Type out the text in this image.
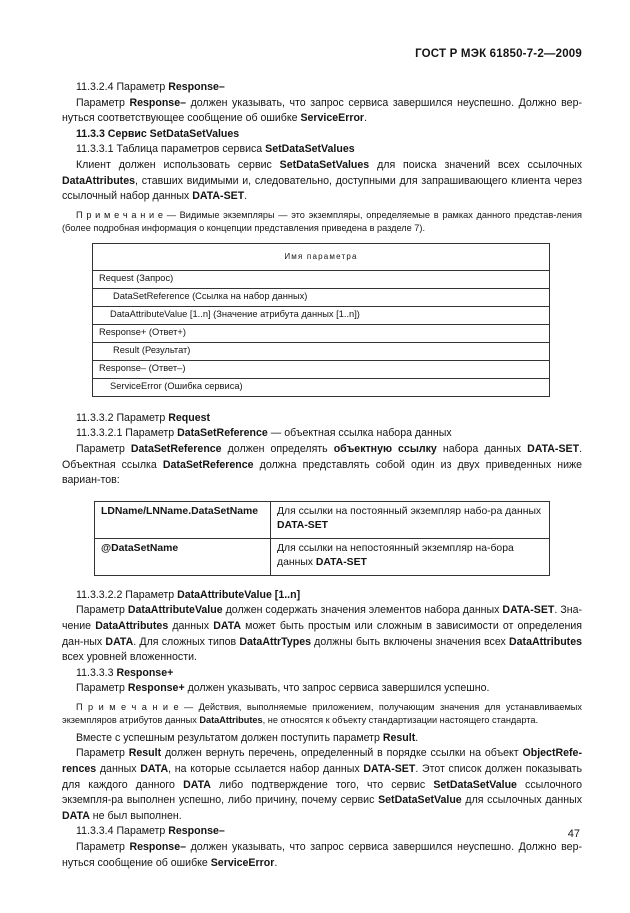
ГОСТ Р МЭК 61850-7-2—2009

11.3.2.4 Параметр Response–

Параметр Response– должен указывать, что запрос сервиса завершился неуспешно. Должно вер-нуться соответствующее сообщение об ошибке ServiceError.

11.3.3 Сервис SetDataSetValues

11.3.3.1 Таблица параметров сервиса SetDataSetValues

Клиент должен использовать сервис SetDataSetValues для поиска значений всех ссылочных DataAttributes, ставших видимыми и, следовательно, доступными для запрашивающего клиента через ссылочный набор данных DATA-SET.

П р и м е ч а н и е — Видимые экземпляры — это экземпляры, определяемые в рамках данного представ-ления (более подробная информация о концепции представления приведена в разделе 7).

Имя параметра
Request (Запрос)
DataSetReference (Ссылка на набор данных)
DataAttributeValue [1..n] (Значение атрибута данных [1..n])
Response+ (Ответ+)
Result (Результат)
Response– (Ответ–)
ServiceError (Ошибка сервиса)

11.3.3.2 Параметр Request

11.3.3.2.1 Параметр DataSetReference — объектная ссылка набора данных

Параметр DataSetReference должен определять объектную ссылку набора данных DATA-SET. Объектная ссылка DataSetReference должна представлять собой один из двух приведенных ниже вариан-тов:

LDName/LNName.DataSetName	Для ссылки на постоянный экземпляр набо-ра данных DATA-SET
@DataSetName	Для ссылки на непостоянный экземпляр на-бора данных DATA-SET

11.3.3.2.2 Параметр DataAttributeValue [1..n]

Параметр DataAttributeValue должен содержать значения элементов набора данных DATA-SET. Зна-чение DataAttributes данных DATA может быть простым или сложным в зависимости от определения дан-ных DATA. Для сложных типов DataAttrTypes должны быть включены значения всех DataAttributes всех уровней вложенности.

11.3.3.3 Response+

Параметр Response+ должен указывать, что запрос сервиса завершился успешно.

П р и м е ч а н и е — Действия, выполняемые приложением, получающим значения для устанавливаемых экземпляров атрибутов данных DataAttributes, не относятся к объекту стандартизации настоящего стандарта.

Вместе с успешным результатом должен поступить параметр Result.

Параметр Result должен вернуть перечень, определенный в порядке ссылки на объект ObjectRefe-rences данных DATA, на которые ссылается набор данных DATA-SET. Этот список должен показывать для каждого данного DATA либо подтверждение того, что сервис SetDataSetValue ссылочного экземпля-ра выполнен успешно, либо причину, почему сервис SetDataSetValue для ссылочных данных DATA не был выполнен.

11.3.3.4 Параметр Response–

Параметр Response– должен указывать, что запрос сервиса завершился неуспешно. Должно вер-нуться сообщение об ошибке ServiceError.

47
